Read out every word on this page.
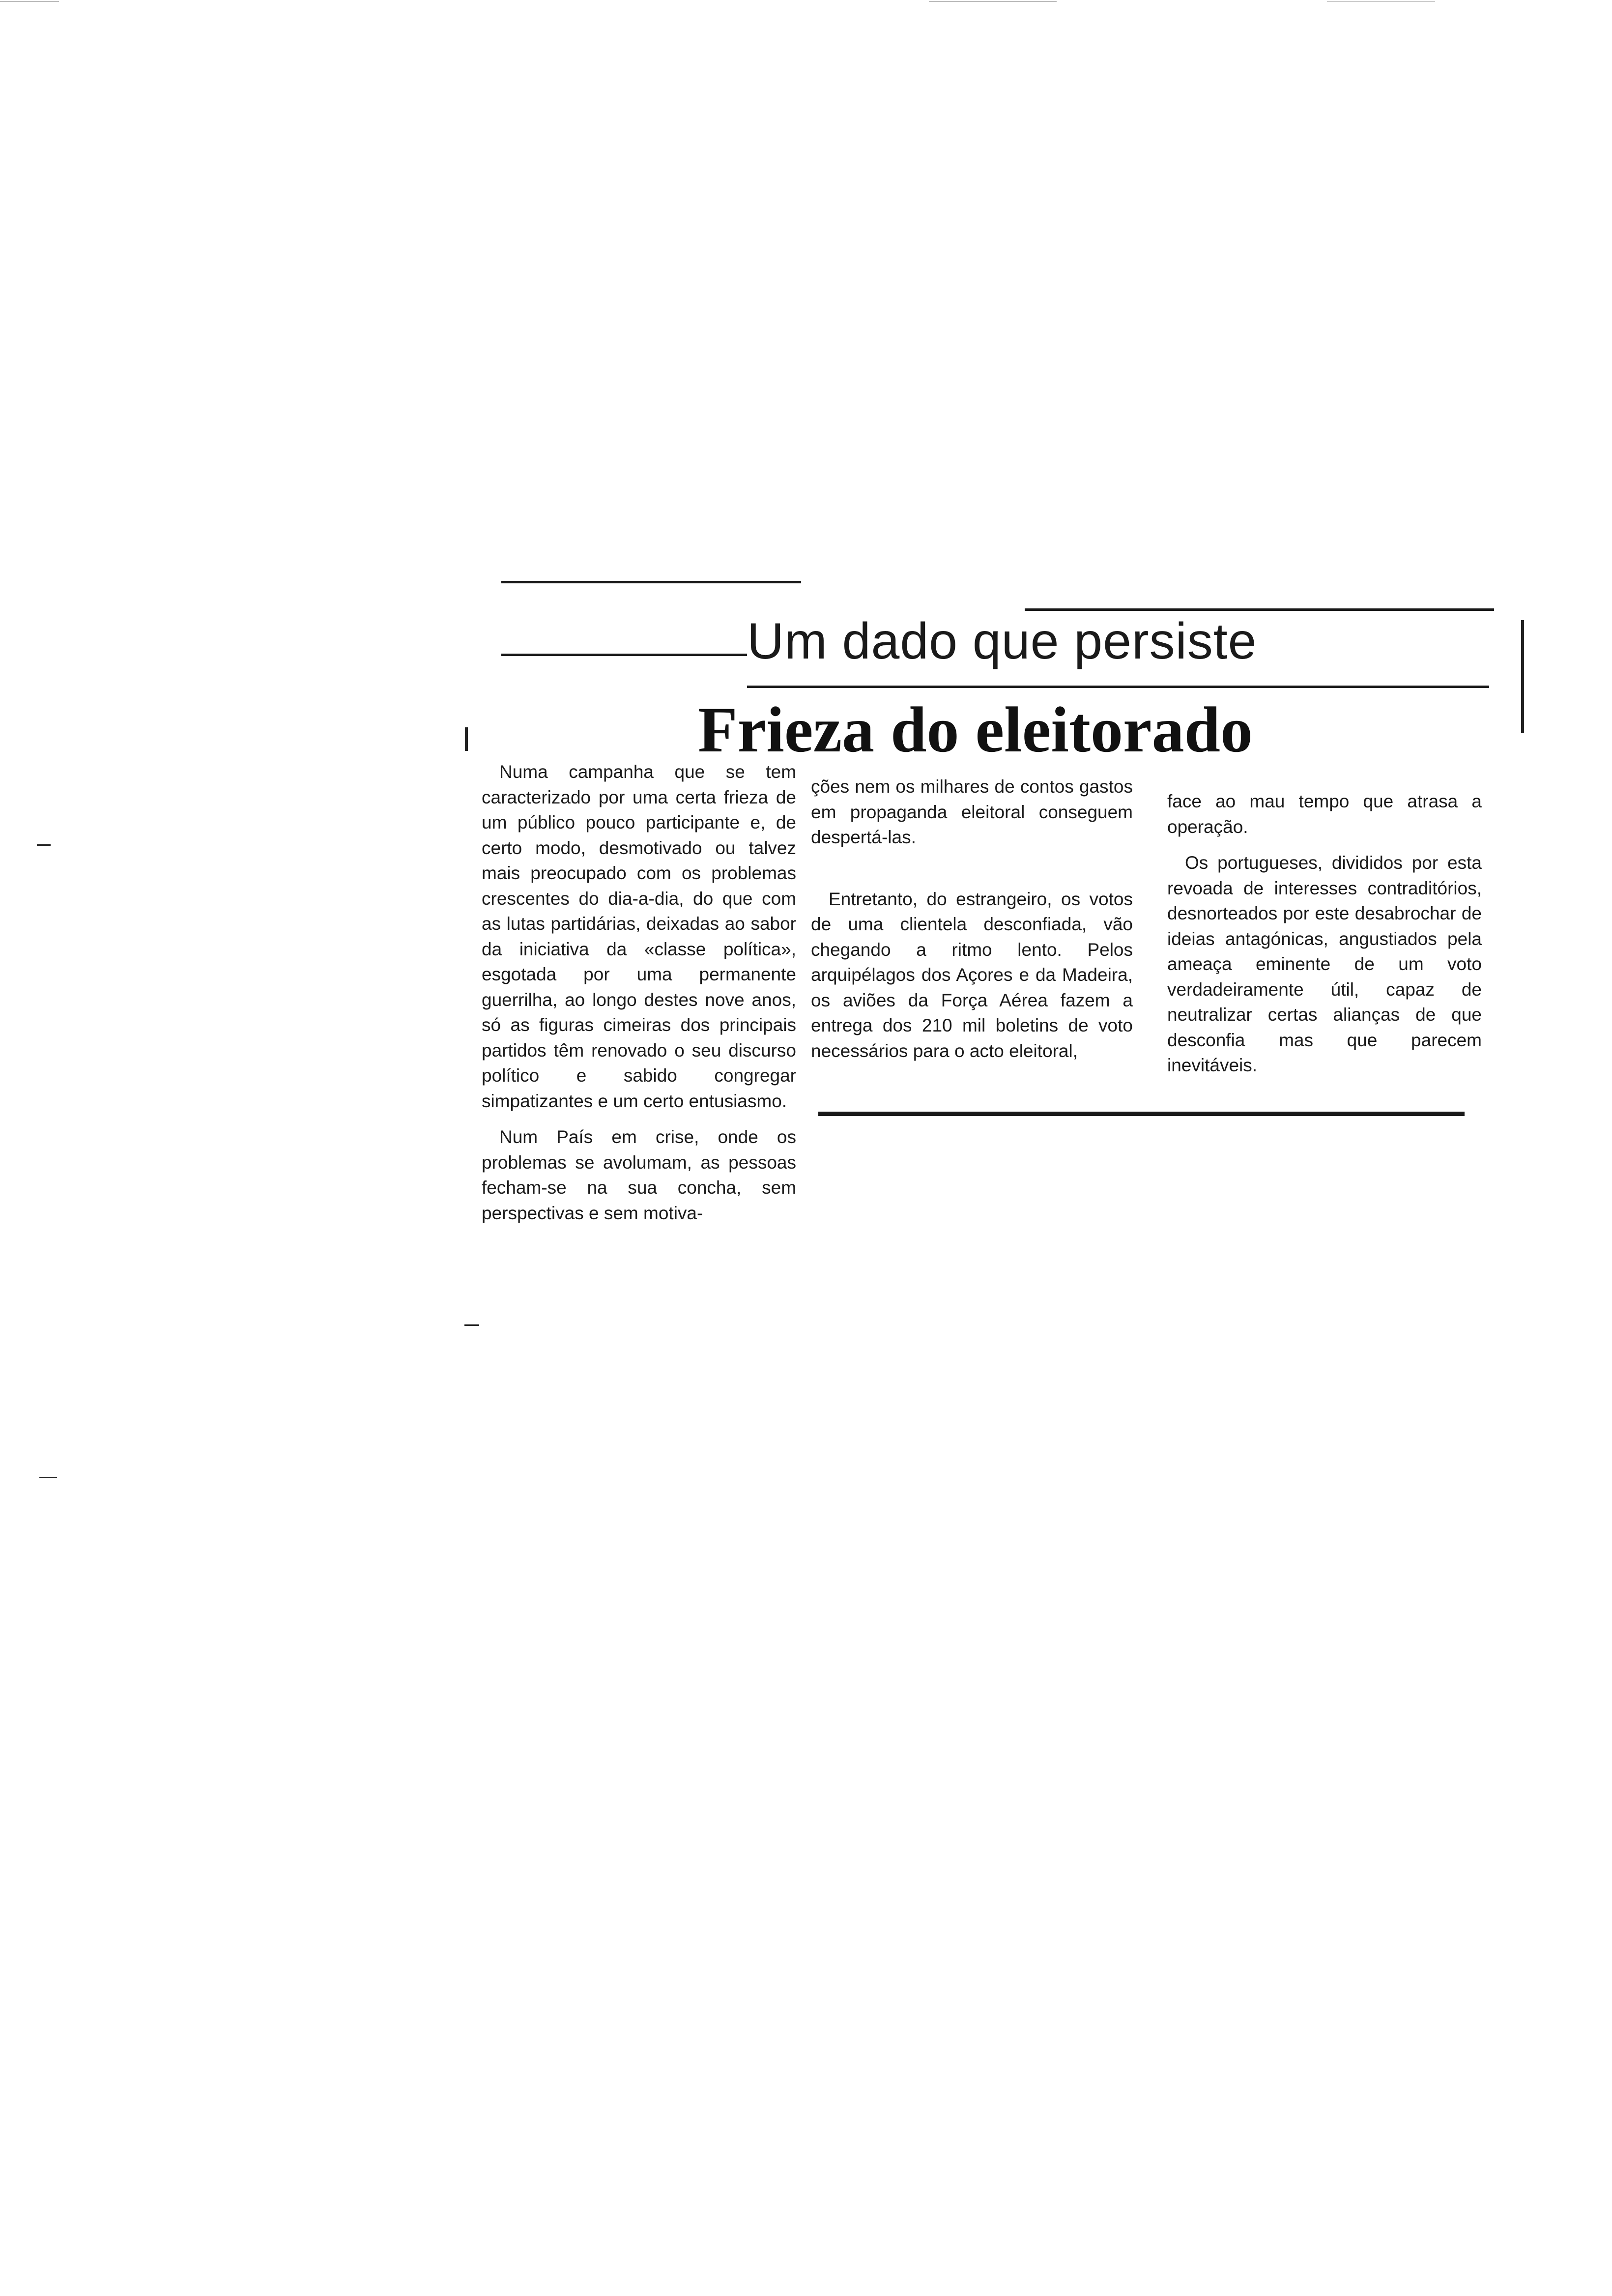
Um dado que persiste
Frieza do eleitorado

Numa campanha que se tem caracterizado por uma certa frieza de um público pouco participante e, de certo modo, desmotivado ou talvez mais preocupado com os problemas crescentes do dia-a-dia, do que com as lutas partidárias, deixadas ao sabor da iniciativa da «classe política», esgotada por uma permanente guerrilha, ao longo destes nove anos, só as figuras cimeiras dos principais partidos têm renovado o seu discurso político e sabido congregar simpatizantes e um certo entusiasmo.

Num País em crise, onde os problemas se avolumam, as pessoas fecham-se na sua concha, sem perspectivas e sem motiva-

ções nem os milhares de contos gastos em propaganda eleitoral conseguem despertá-las.

Entretanto, do estrangeiro, os votos de uma clientela desconfiada, vão chegando a ritmo lento. Pelos arquipélagos dos Açores e da Madeira, os aviões da Força Aérea fazem a entrega dos 210 mil boletins de voto necessários para o acto eleitoral,

face ao mau tempo que atrasa a operação.

Os portugueses, divididos por esta revoada de interesses contraditórios, desnorteados por este desabrochar de ideias antagónicas, angustiados pela ameaça eminente de um voto verdadeiramente útil, capaz de neutralizar certas alianças de que desconfia mas que parecem inevitáveis.
